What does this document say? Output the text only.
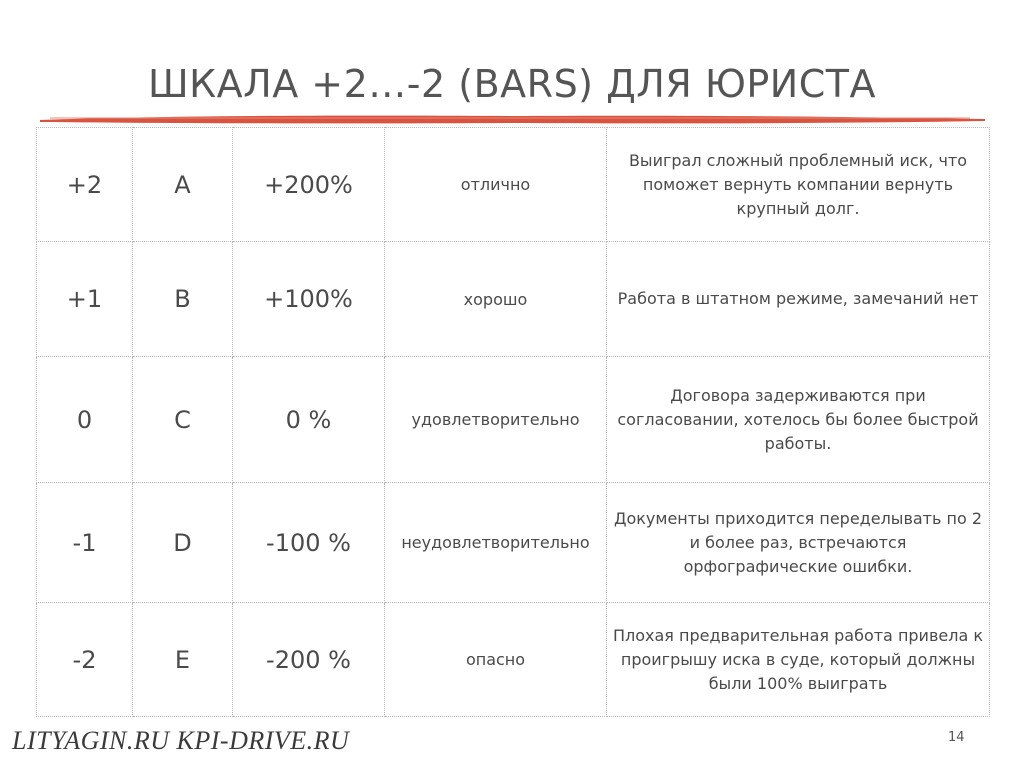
ШКАЛА +2…-2 (BARS) ДЛЯ ЮРИСТА
+2	A	+200%	отлично	Выиграл сложный проблемный иск, что поможет вернуть компании вернуть крупный долг.
+1	B	+100%	хорошо	Работа в штатном режиме, замечаний нет
0	C	0 %	удовлетворительно	Договора задерживаются при согласовании, хотелось бы более быстрой работы.
-1	D	-100 %	неудовлетворительно	Документы приходится переделывать по 2 и более раз, встречаются орфографические ошибки.
-2	E	-200 %	опасно	Плохая предварительная работа привела к проигрышу иска в суде, который должны были 100% выиграть
LITYAGIN.RU KPI-DRIVE.RU	14
